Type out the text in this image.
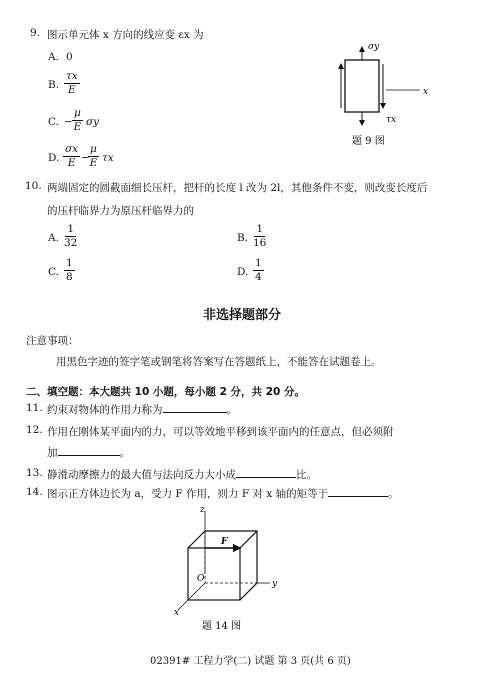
9. 图示单元体 x 方向的线应变 εx 为
A. 0
B. $\frac{\tau x}{E}$
C. − $\frac{\mu}{E}$ σy
D. $\frac{\sigma x}{E}$ −
$\frac{\mu}{E}$ τx
σy
τx
x
题 9 图
10. 两端固定的圆截面细长压杆，把杆的长度 l 改为 2l，其他条件不变，则改变长度后
的压杆临界力为原压杆临界力的
A. $\frac{1}{32}$	B. $\frac{1}{16}$
C. $\frac{1}{8}$	D. $\frac{1}{4}$
非选择题部分
注意事项：
用黑色字迹的签字笔或钢笔将答案写在答题纸上，不能答在试题卷上。
二、填空题：本大题共 10 小题，每小题 2 分，共 20 分。
11. 约束对物体的作用力称为	。
12. 作用在刚体某平面内的力，可以等效地平移到该平面内的任意点，但必须附
加	。
13. 静滑动摩擦力的最大值与法向反力大小成	比。
14. 图示正方体边长为 a，受力 F 作用，则力 F 对 x 轴的矩等于	。
z
y
x
O
F
题 14 图
02391# 工程力学(二) 试题 第 3 页(共 6 页)
